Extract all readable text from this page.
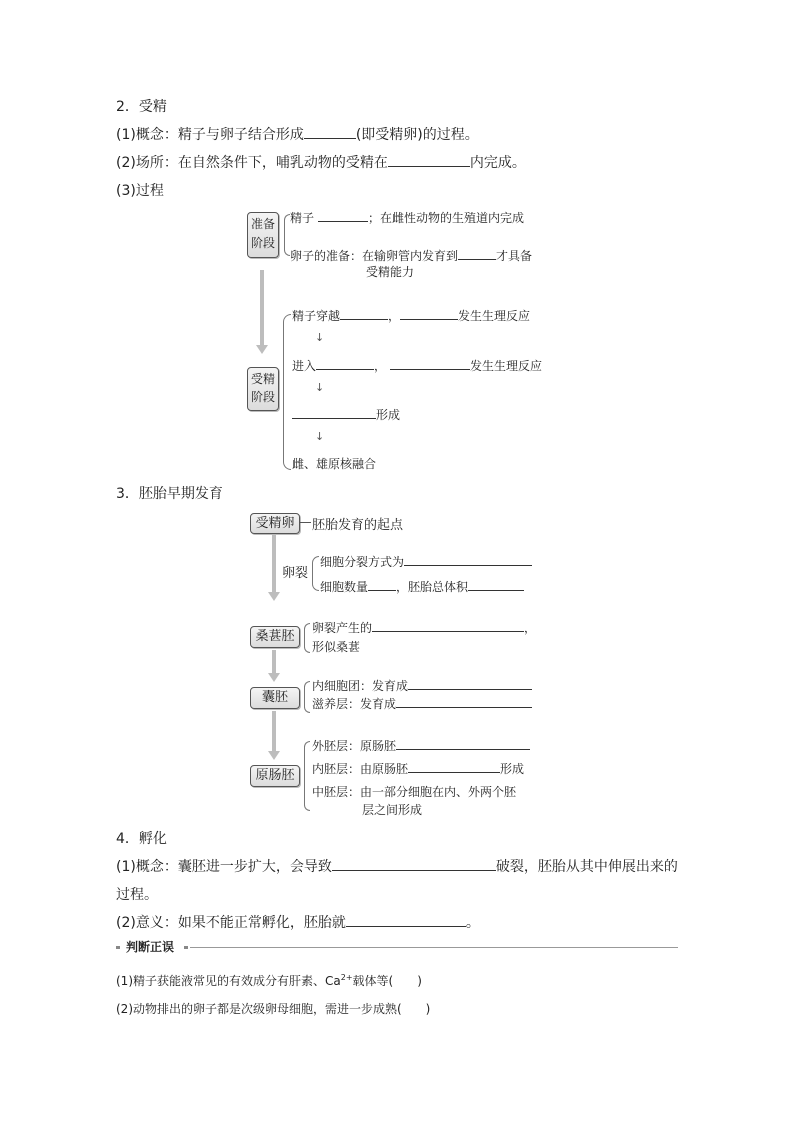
2．受精
(1)概念：精子与卵子结合形成	(即受精卵)的过程。
(2)场所：在自然条件下，哺乳动物的受精在	内完成。
(3)过程
准备
阶段
精子	；在雌性动物的生殖道内完成
卵子的准备：在输卵管内发育到	才具备
受精能力
受精
阶段
精子穿越	，	发生生理反应
↓
进入	，	发生生理反应
↓
形成
↓
雌、雄原核融合
3．胚胎早期发育
受精卵	胚胎发育的起点
卵裂
细胞分裂方式为
细胞数量 ，胚胎总体积
桑葚胚
卵裂产生的	，
形似桑葚
囊胚
内细胞团：发育成
滋养层：发育成
原肠胚
外胚层：原肠胚
内胚层：由原肠胚	形成
中胚层：由一部分细胞在内、外两个胚
层之间形成
4．孵化
(1)概念：囊胚进一步扩大，会导致	破裂，胚胎从其中伸展出来的
过程。
(2)意义：如果不能正常孵化，胚胎就	。
判断正误
(1)精子获能液常见的有效成分有肝素、$Ca^{2+}$载体等(　　)
(2)动物排出的卵子都是次级卵母细胞，需进一步成熟(　　)
